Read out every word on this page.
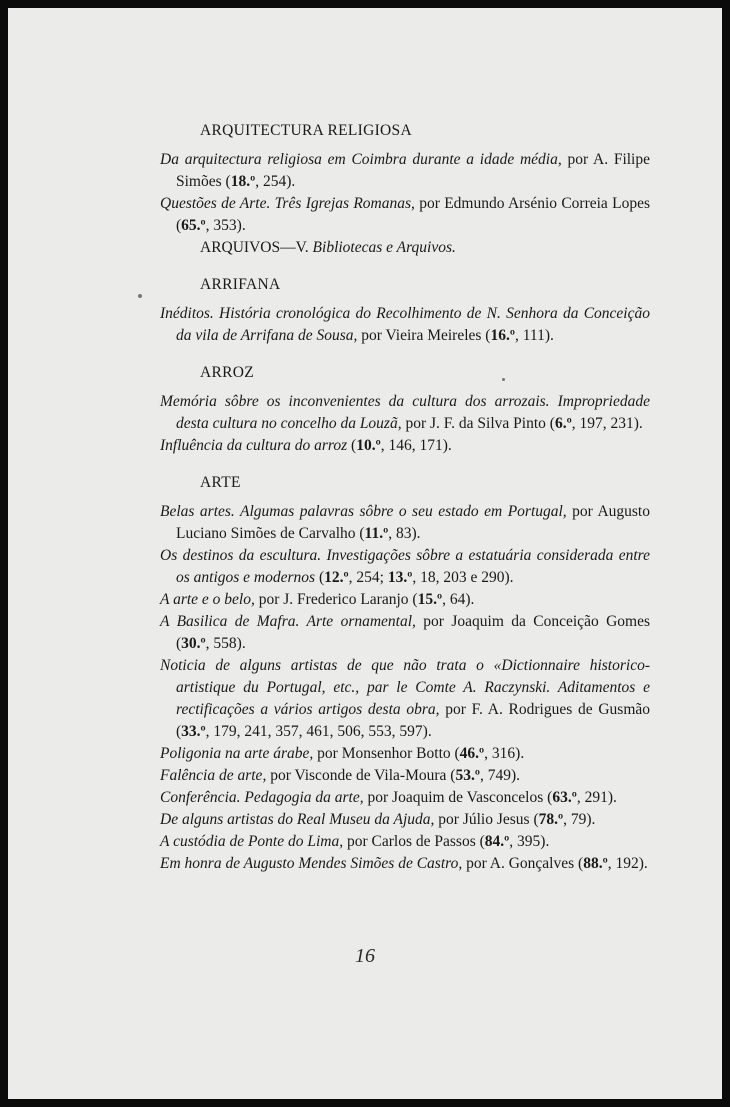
ARQUITECTURA RELIGIOSA

Da arquitectura religiosa em Coimbra durante a idade média, por A. Filipe Simões (18.º, 254).

Questões de Arte. Três Igrejas Romanas, por Edmundo Arsénio Correia Lopes (65.º, 353).

ARQUIVOS—V. Bibliotecas e Arquivos.

ARRIFANA

Inéditos. História cronológica do Recolhimento de N. Senhora da Conceição da vila de Arrifana de Sousa, por Vieira Meireles (16.º, 111).

ARROZ

Memória sôbre os inconvenientes da cultura dos arrozais. Impropriedade desta cultura no concelho da Louzã, por J. F. da Silva Pinto (6.º, 197, 231).

Influência da cultura do arroz (10.º, 146, 171).

ARTE

Belas artes. Algumas palavras sôbre o seu estado em Portugal, por Augusto Luciano Simões de Carvalho (11.º, 83).

Os destinos da escultura. Investigações sôbre a estatuária considerada entre os antigos e modernos (12.º, 254; 13.º, 18, 203 e 290).

A arte e o belo, por J. Frederico Laranjo (15.º, 64).

A Basilica de Mafra. Arte ornamental, por Joaquim da Conceição Gomes (30.º, 558).

Noticia de alguns artistas de que não trata o «Dictionnaire historico-artistique du Portugal, etc., par le Comte A. Raczynski. Aditamentos e rectificações a vários artigos desta obra, por F. A. Rodrigues de Gusmão (33.º, 179, 241, 357, 461, 506, 553, 597).

Poligonia na arte árabe, por Monsenhor Botto (46.º, 316).

Falência de arte, por Visconde de Vila-Moura (53.º, 749).

Conferência. Pedagogia da arte, por Joaquim de Vasconcelos (63.º, 291).

De alguns artistas do Real Museu da Ajuda, por Júlio Jesus (78.º, 79).

A custódia de Ponte do Lima, por Carlos de Passos (84.º, 395).

Em honra de Augusto Mendes Simões de Castro, por A. Gonçalves (88.º, 192).

16
